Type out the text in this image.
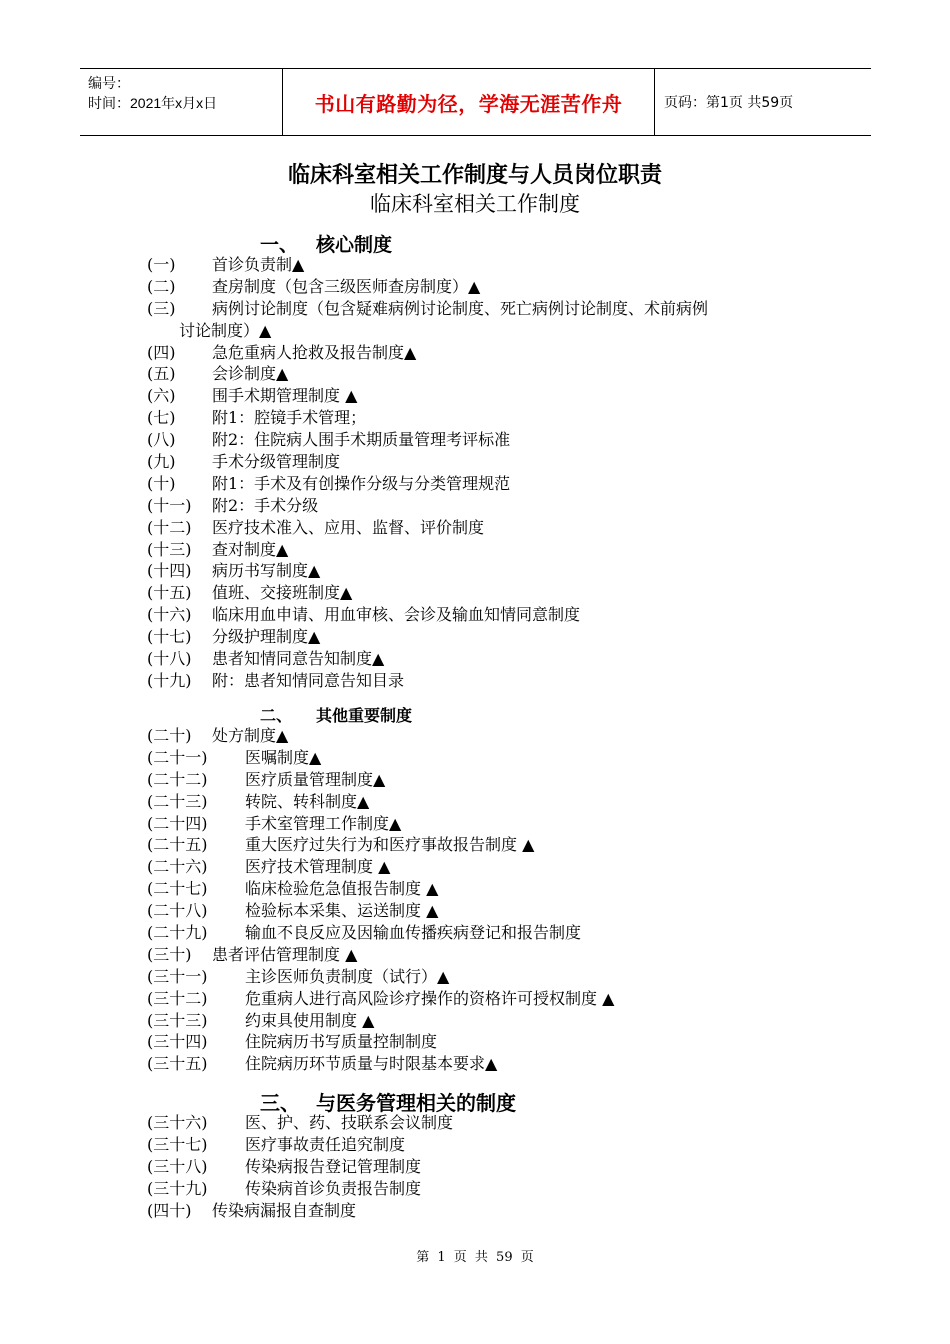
编号：
时间：2021年x月x日	书山有路勤为径，学海无涯苦作舟	页码：第1页 共59页
临床科室相关工作制度与人员岗位职责
临床科室相关工作制度
一、 核心制度
(一) 首诊负责制▲
(二) 查房制度（包含三级医师查房制度）▲
(三) 病例讨论制度（包含疑难病例讨论制度、死亡病例讨论制度、术前病例
讨论制度）▲
(四) 急危重病人抢救及报告制度▲
(五) 会诊制度▲
(六) 围手术期管理制度 ▲
(七) 附1：腔镜手术管理；
(八) 附2：住院病人围手术期质量管理考评标准
(九) 手术分级管理制度
(十) 附1：手术及有创操作分级与分类管理规范
(十一) 附2：手术分级
(十二) 医疗技术准入、应用、监督、评价制度
(十三) 查对制度▲
(十四) 病历书写制度▲
(十五) 值班、交接班制度▲
(十六) 临床用血申请、用血审核、会诊及输血知情同意制度
(十七) 分级护理制度▲
(十八) 患者知情同意告知制度▲
(十九) 附：患者知情同意告知目录
二、 其他重要制度
(二十) 处方制度▲
(二十一) 医嘱制度▲
(二十二) 医疗质量管理制度▲
(二十三) 转院、转科制度▲
(二十四) 手术室管理工作制度▲
(二十五) 重大医疗过失行为和医疗事故报告制度 ▲
(二十六) 医疗技术管理制度 ▲
(二十七) 临床检验危急值报告制度 ▲
(二十八) 检验标本采集、运送制度 ▲
(二十九) 输血不良反应及因输血传播疾病登记和报告制度
(三十) 患者评估管理制度 ▲
(三十一) 主诊医师负责制度（试行）▲
(三十二) 危重病人进行高风险诊疗操作的资格许可授权制度 ▲
(三十三) 约束具使用制度 ▲
(三十四) 住院病历书写质量控制制度
(三十五) 住院病历环节质量与时限基本要求▲
三、 与医务管理相关的制度
(三十六) 医、护、药、技联系会议制度
(三十七) 医疗事故责任追究制度
(三十八) 传染病报告登记管理制度
(三十九) 传染病首诊负责报告制度
(四十) 传染病漏报自查制度
第 1 页 共 59 页
